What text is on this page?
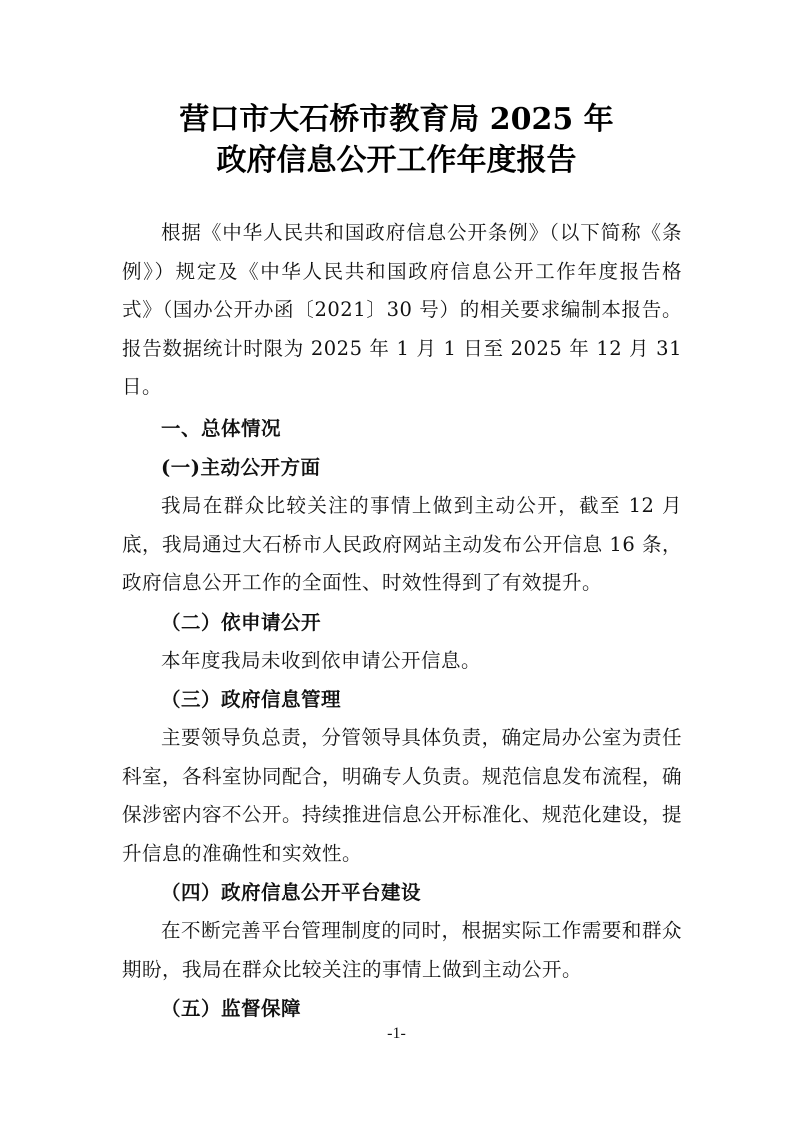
营口市大石桥市教育局 2025 年
政府信息公开工作年度报告

根据《中华人民共和国政府信息公开条例》（以下简称《条例》）规定及《中华人民共和国政府信息公开工作年度报告格式》（国办公开办函〔2021〕30 号）的相关要求编制本报告。报告数据统计时限为 2025 年 1 月 1 日至 2025 年 12 月 31 日。

一、总体情况
(一)主动公开方面

我局在群众比较关注的事情上做到主动公开，截至 12 月底，我局通过大石桥市人民政府网站主动发布公开信息 16 条，政府信息公开工作的全面性、时效性得到了有效提升。

（二）依申请公开

本年度我局未收到依申请公开信息。

（三）政府信息管理

主要领导负总责，分管领导具体负责，确定局办公室为责任科室，各科室协同配合，明确专人负责。规范信息发布流程，确保涉密内容不公开。持续推进信息公开标准化、规范化建设，提升信息的准确性和实效性。

（四）政府信息公开平台建设

在不断完善平台管理制度的同时，根据实际工作需要和群众期盼，我局在群众比较关注的事情上做到主动公开。

（五）监督保障
-1-
